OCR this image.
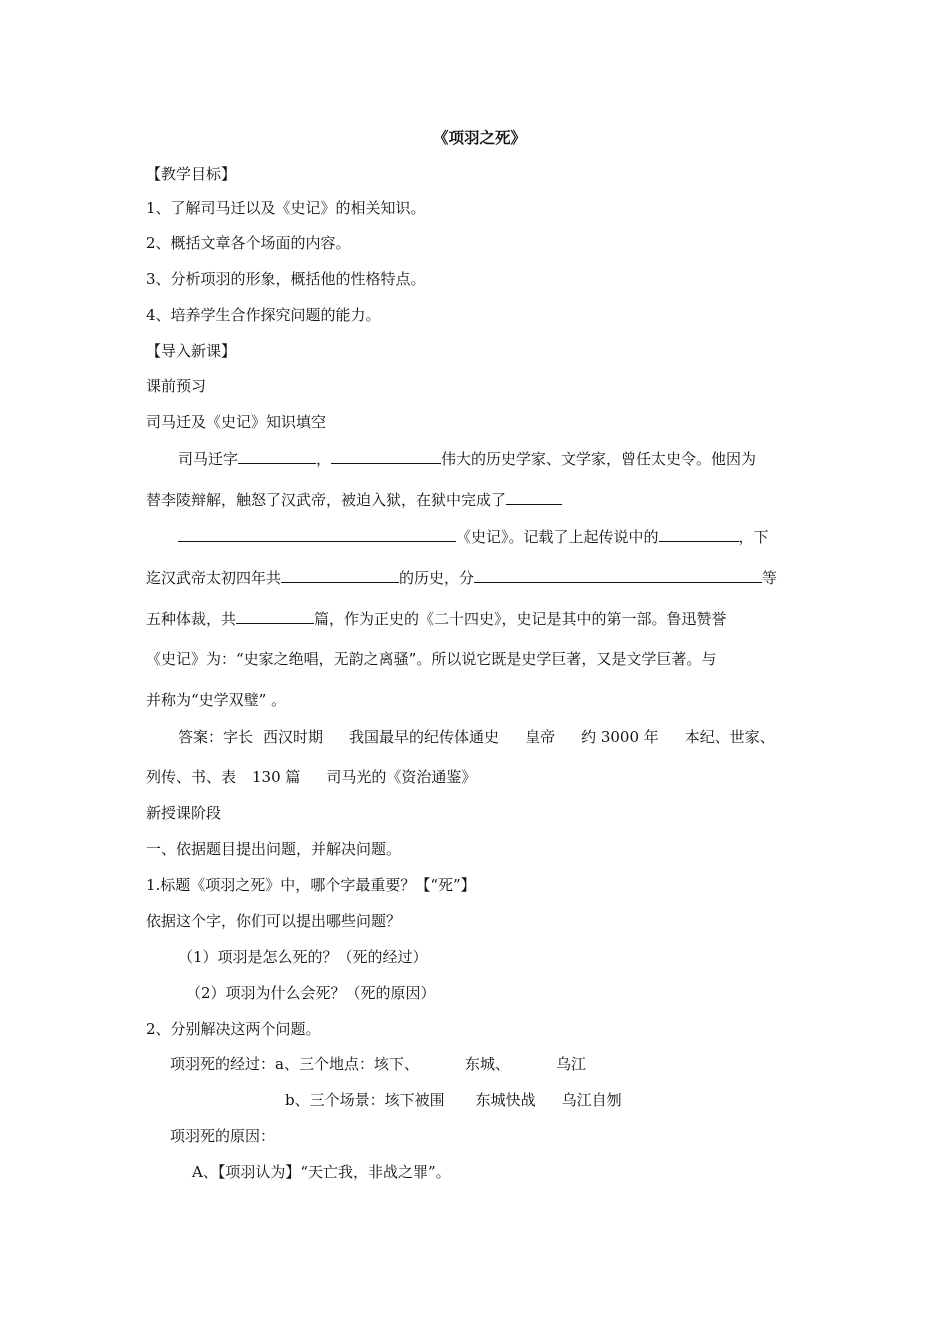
《项羽之死》
【教学目标】
1、了解司马迁以及《史记》的相关知识。
2、概括文章各个场面的内容。
3、分析项羽的形象，概括他的性格特点。
4、培养学生合作探究问题的能力。
【导入新课】
课前预习
司马迁及《史记》知识填空
司马迁字	，	伟大的历史学家、文学家，曾任太史令。他因为
替李陵辩解，触怒了汉武帝，被迫入狱，在狱中完成了
《史记》。记载了上起传说中的	，下
迄汉武帝太初四年共	的历史，分	等
五种体裁，共	篇，作为正史的《二十四史》，史记是其中的第一部。鲁迅赞誉
《史记》为：“史家之绝唱，无韵之离骚”。所以说它既是史学巨著，又是文学巨著。与
并称为“史学双璧” 。
答案：字长 西汉时期 我国最早的纪传体通史 皇帝 约 3000 年 本纪、世家、
列传、书、表 130 篇 司马光的《资治通鉴》
新授课阶段
一、依据题目提出问题，并解决问题。
1.标题《项羽之死》中，哪个字最重要？【“死”】
依据这个字，你们可以提出哪些问题？
（1）项羽是怎么死的？（死的经过）
（2）项羽为什么会死？（死的原因）
2、分别解决这两个问题。
项羽死的经过：a、三个地点：垓下、	东城、	乌江
b、三个场景：垓下被围 东城快战 乌江自刎
项羽死的原因：
A、【项羽认为】“天亡我，非战之罪”。
